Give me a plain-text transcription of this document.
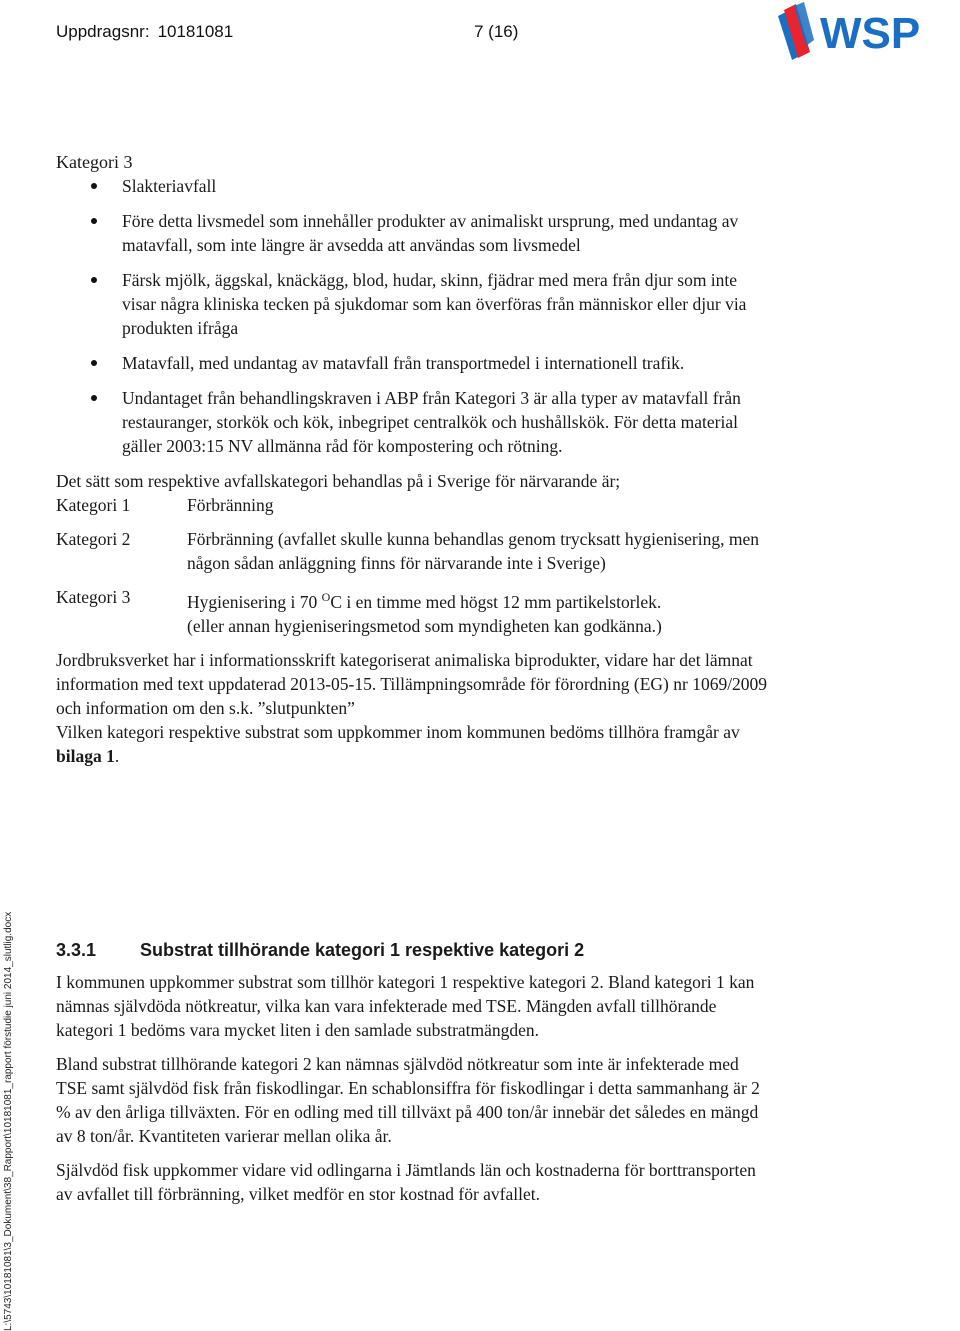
Uppdragsnr: 10181081	7 (16)	WSP

Kategori 3

Slakteriavfall
Före detta livsmedel som innehåller produkter av animaliskt ursprung, med undantag av matavfall, som inte längre är avsedda att användas som livsmedel
Färsk mjölk, äggskal, knäckägg, blod, hudar, skinn, fjädrar med mera från djur som inte visar några kliniska tecken på sjukdomar som kan överföras från människor eller djur via produkten ifråga
Matavfall, med undantag av matavfall från transportmedel i internationell trafik.
Undantaget från behandlingskraven i ABP från Kategori 3 är alla typer av matavfall från restauranger, storkök och kök, inbegripet centralkök och hushållskök. För detta material gäller 2003:15 NV allmänna råd för kompostering och rötning.

Det sätt som respektive avfallskategori behandlas på i Sverige för närvarande är;

Kategori 1	Förbränning
Kategori 2	Förbränning (avfallet skulle kunna behandlas genom trycksatt hygienisering, men någon sådan anläggning finns för närvarande inte i Sverige)
Kategori 3	Hygienisering i 70 $^O$C i en timme med högst 12 mm partikelstorlek.
(eller annan hygieniseringsmetod som myndigheten kan godkänna.)

Jordbruksverket har i informationsskrift kategoriserat animaliska biprodukter, vidare har det lämnat information med text uppdaterad 2013-05-15. Tillämpningsområde för förordning (EG) nr 1069/2009 och information om den s.k. ”slutpunkten”

Vilken kategori respektive substrat som uppkommer inom kommunen bedöms tillhöra framgår av bilaga 1.

L:\5743\10181081\3_Dokument\38_Rapport\10181081_rapport förstudie juni 2014_slutlig.docx 3.3.1 Substrat tillhörande kategori 1 respektive kategori 2

I kommunen uppkommer substrat som tillhör kategori 1 respektive kategori 2. Bland kategori 1 kan nämnas självdöda nötkreatur, vilka kan vara infekterade med TSE. Mängden avfall tillhörande kategori 1 bedöms vara mycket liten i den samlade substratmängden.

Bland substrat tillhörande kategori 2 kan nämnas självdöd nötkreatur som inte är infekterade med TSE samt självdöd fisk från fiskodlingar. En schablonsiffra för fiskodlingar i detta sammanhang är 2 % av den årliga tillväxten. För en odling med till tillväxt på 400 ton/år innebär det således en mängd av 8 ton/år. Kvantiteten varierar mellan olika år.

Självdöd fisk uppkommer vidare vid odlingarna i Jämtlands län och kostnaderna för borttransporten av avfallet till förbränning, vilket medför en stor kostnad för avfallet.
